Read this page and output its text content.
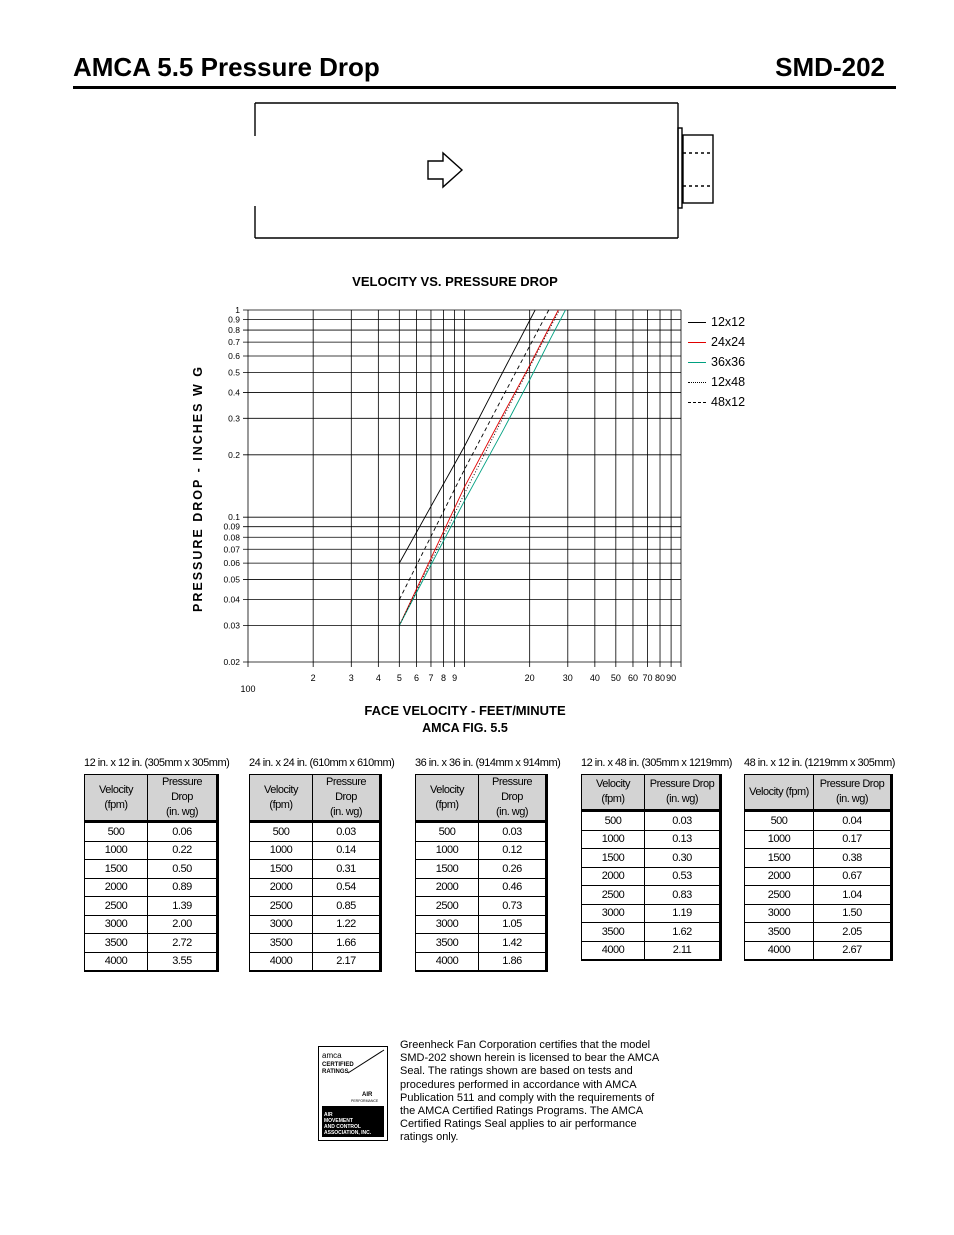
AMCA 5.5 Pressure Drop	SMD-202
VELOCITY VS. PRESSURE DROP
1
0.9
0.8
0.7
0.6
0.5
0.4
0.3
0.2
0.1
0.09
0.08
0.07
0.06
0.05
0.04
0.03
0.02
100
2	3 4 5 6 7 8 9	20	30 40 50 60 70 80 90
PRESSURE DROP - INCHES W G
FACE VELOCITY - FEET/MINUTE
AMCA FIG. 5.5
12x12
24x24
36x36
12x48
48x12
12 in. x 12 in. (305mm x 305mm)
Velocity (fpm)	Pressure Drop
(in. wg)

500	0.06
1000	0.22
1500	0.50
2000	0.89
2500	1.39
3000	2.00
3500	2.72
4000	3.55
24 in. x 24 in. (610mm x 610mm)
Velocity (fpm)	Pressure Drop
(in. wg)

500	0.03
1000	0.14
1500	0.31
2000	0.54
2500	0.85
3000	1.22
3500	1.66
4000	2.17
36 in. x 36 in. (914mm x 914mm)
Velocity (fpm)	Pressure Drop
(in. wg)

500	0.03
1000	0.12
1500	0.26
2000	0.46
2500	0.73
3000	1.05
3500	1.42
4000	1.86
12 in. x 48 in. (305mm x 1219mm)
Velocity (fpm)	Pressure Drop
(in. wg)

500	0.03
1000	0.13
1500	0.30
2000	0.53
2500	0.83
3000	1.19
3500	1.62
4000	2.11
48 in. x 12 in. (1219mm x 305mm)
Velocity (fpm)	Pressure Drop
(in. wg)

500	0.04
1000	0.17
1500	0.38
2000	0.67
2500	1.04
3000	1.50
3500	2.05
4000	2.67
amca
CERTIFIED
RATINGS
AIR
PERFORMANCE
AIR
MOVEMENT
AND CONTROL
ASSOCIATION, INC.
Greenheck Fan Corporation certifies that the model SMD-202 shown herein is licensed to bear the AMCA Seal. The ratings shown are based on tests and procedures performed in accordance with AMCA Publication 511 and comply with the requirements of the AMCA Certified Ratings Programs. The AMCA Certified Ratings Seal applies to air performance ratings only.
